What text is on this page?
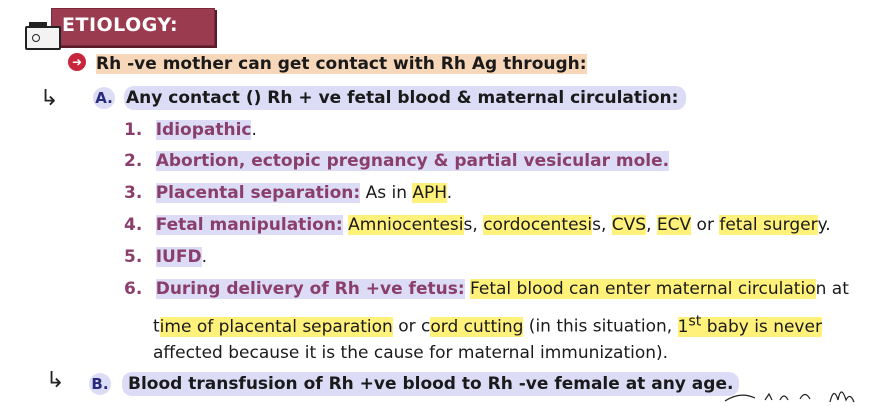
ETIOLOGY:
➜ Rh -ve mother can get contact with Rh Ag through:
↳ A. Any contact () Rh + ve fetal blood & maternal circulation:
1. Idiopathic.
2. Abortion, ectopic pregnancy & partial vesicular mole.
3. Placental separation: As in APH.
4. Fetal manipulation: Amniocentesis, cordocentesis, CVS, ECV or fetal surgery.
5. IUFD.
6. During delivery of Rh +ve fetus: Fetal blood can enter maternal circulation at
time of placental separation or cord cutting (in this situation, 1st baby is never
affected because it is the cause for maternal immunization).
↳ B.	Blood transfusion of Rh +ve blood to Rh -ve female at any age.
